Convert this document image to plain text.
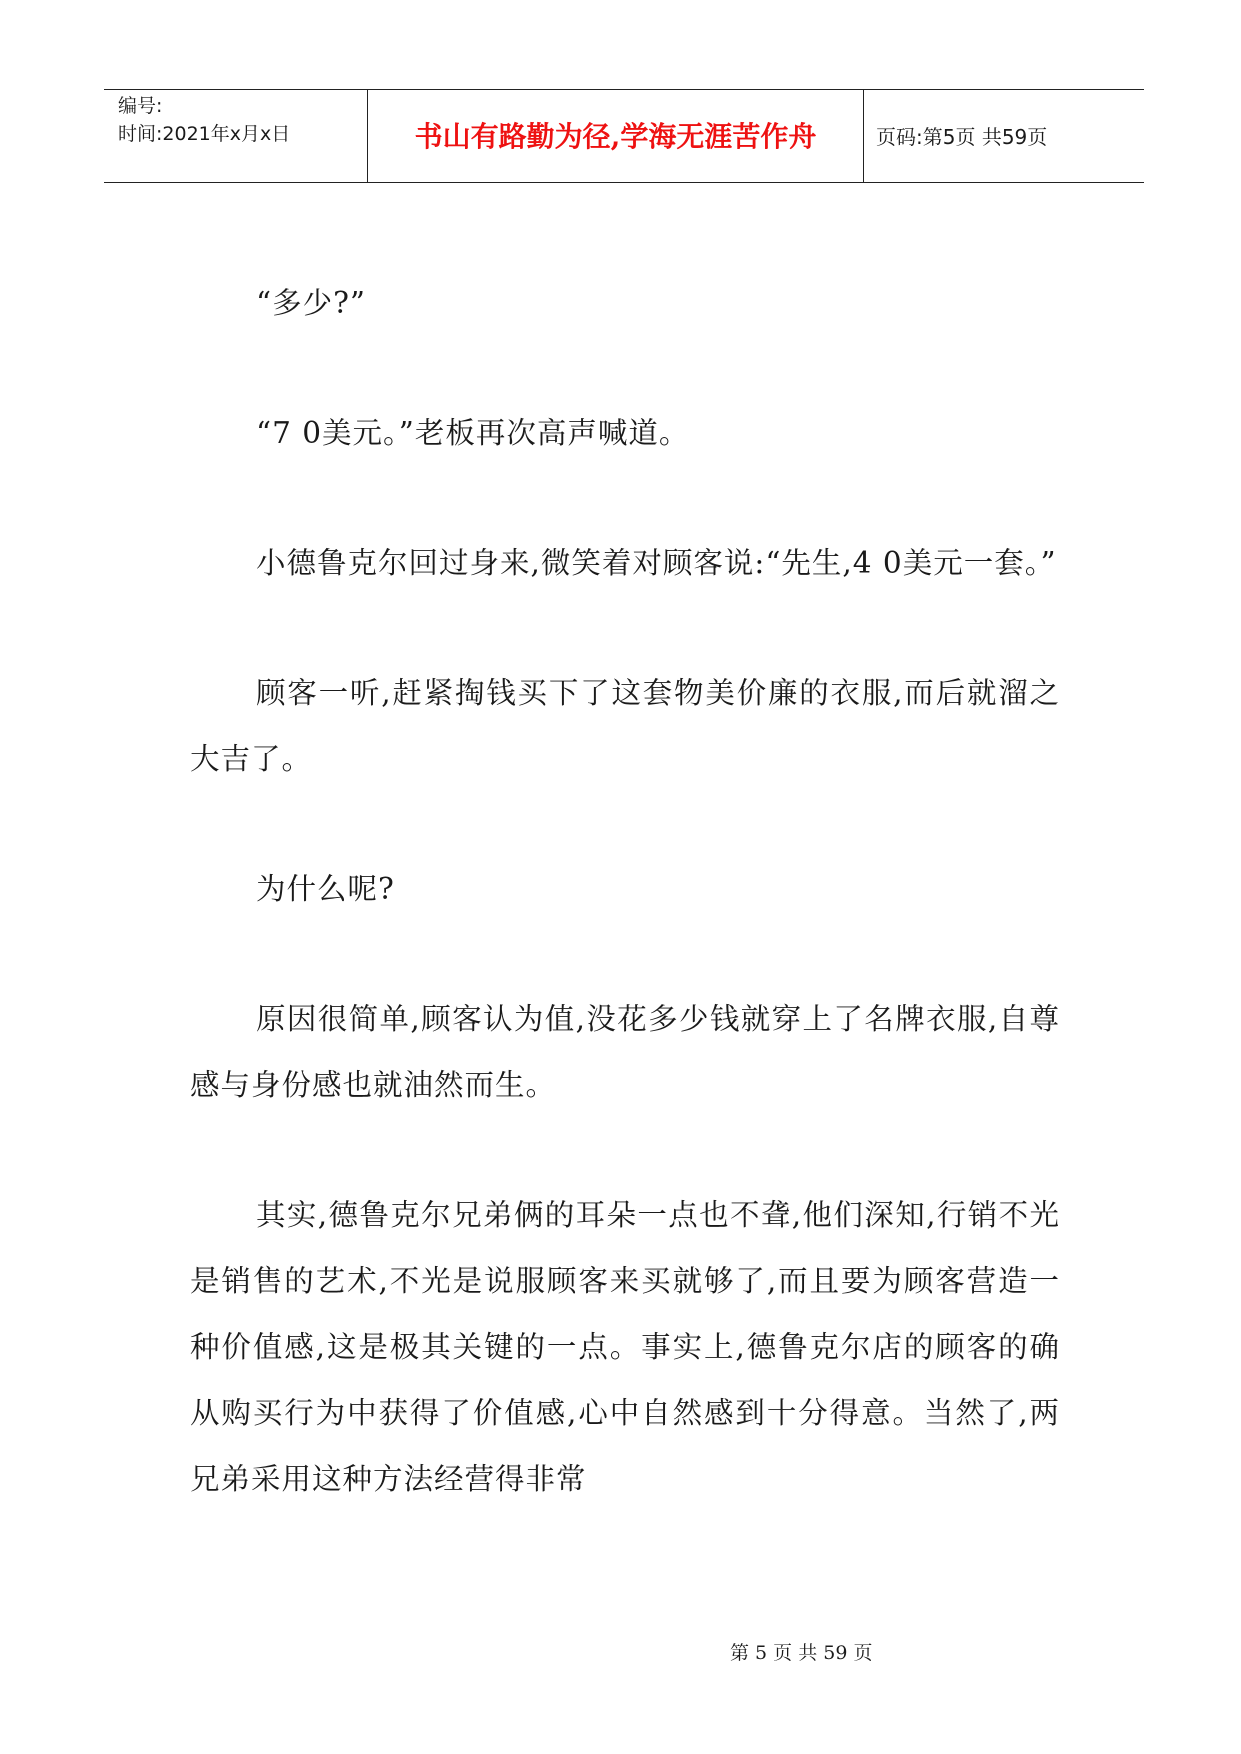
编号:
时间:2021年x月x日	书山有路勤为径,学海无涯苦作舟	页码:第5页 共59页

“多少?”

“7 0美元。”老板再次高声喊道。

小德鲁克尔回过身来,微笑着对顾客说:“先生,4 0美元一套。”

顾客一听,赶紧掏钱买下了这套物美价廉的衣服,而后就溜之大吉了。

为什么呢?

原因很简单,顾客认为值,没花多少钱就穿上了名牌衣服,自尊感与身份感也就油然而生。

其实,德鲁克尔兄弟俩的耳朵一点也不聋,他们深知,行销不光是销售的艺术,不光是说服顾客来买就够了,而且要为顾客营造一种价值感,这是极其关键的一点。事实上,德鲁克尔店的顾客的确从购买行为中获得了价值感,心中自然感到十分得意。当然了,两兄弟采用这种方法经营得非常

第 5 页 共 59 页
